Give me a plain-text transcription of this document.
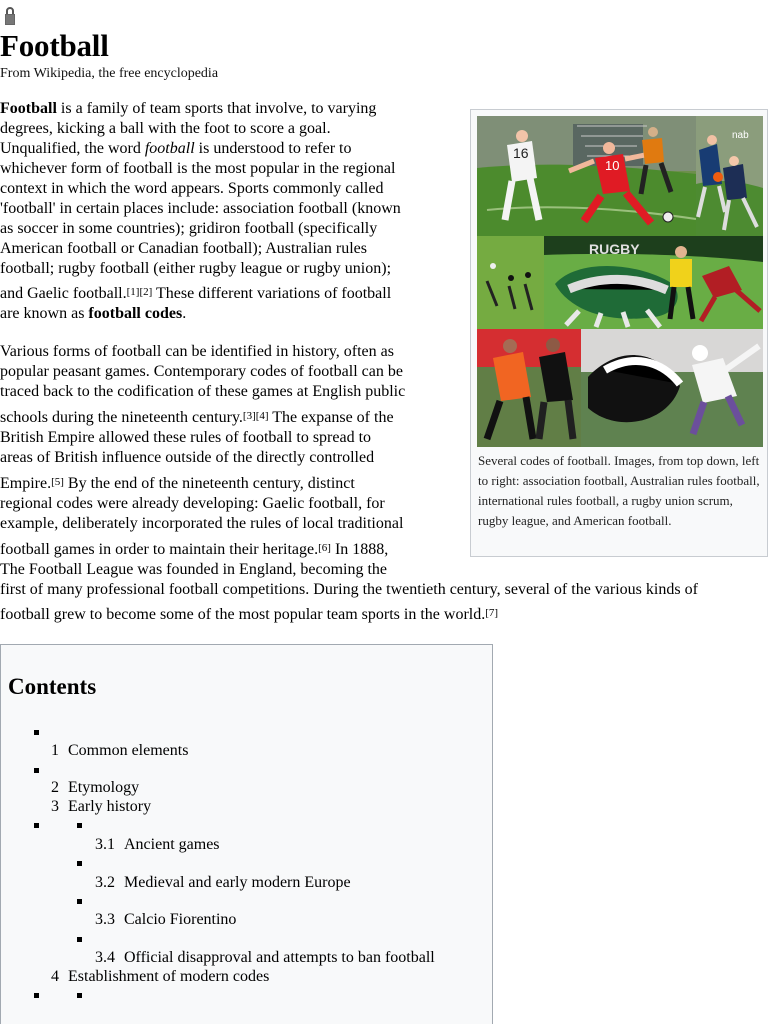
Football
From Wikipedia, the free encyclopedia
Football is a family of team sports that involve, to varying
degrees, kicking a ball with the foot to score a goal.
Unqualified, the word football is understood to refer to
whichever form of football is the most popular in the regional
context in which the word appears. Sports commonly called
'football' in certain places include: association football (known
as soccer in some countries); gridiron football (specifically
American football or Canadian football); Australian rules
football; rugby football (either rugby league or rugby union);
and Gaelic football.[1][2] These different variations of football
are known as football codes.
Various forms of football can be identified in history, often as
popular peasant games. Contemporary codes of football can be
traced back to the codification of these games at English public
schools during the nineteenth century.[3][4] The expanse of the
British Empire allowed these rules of football to spread to
areas of British influence outside of the directly controlled
Empire.[5] By the end of the nineteenth century, distinct
regional codes were already developing: Gaelic football, for
example, deliberately incorporated the rules of local traditional
football games in order to maintain their heritage.[6] In 1888,
The Football League was founded in England, becoming the
first of many professional football competitions. During the twentieth century, several of the various kinds of
football grew to become some of the most popular team sports in the world.[7]
16
10
nab
RUGBY
Several codes of football. Images, from top down, left to right: association football, Australian rules football, international rules football, a rugby union scrum, rugby league, and American football.
Contents
1 Common elements
2 Etymology
3 Early history
3.1 Ancient games
3.2 Medieval and early modern Europe
3.3 Calcio Fiorentino
3.4 Official disapproval and attempts to ban football
4 Establishment of modern codes
